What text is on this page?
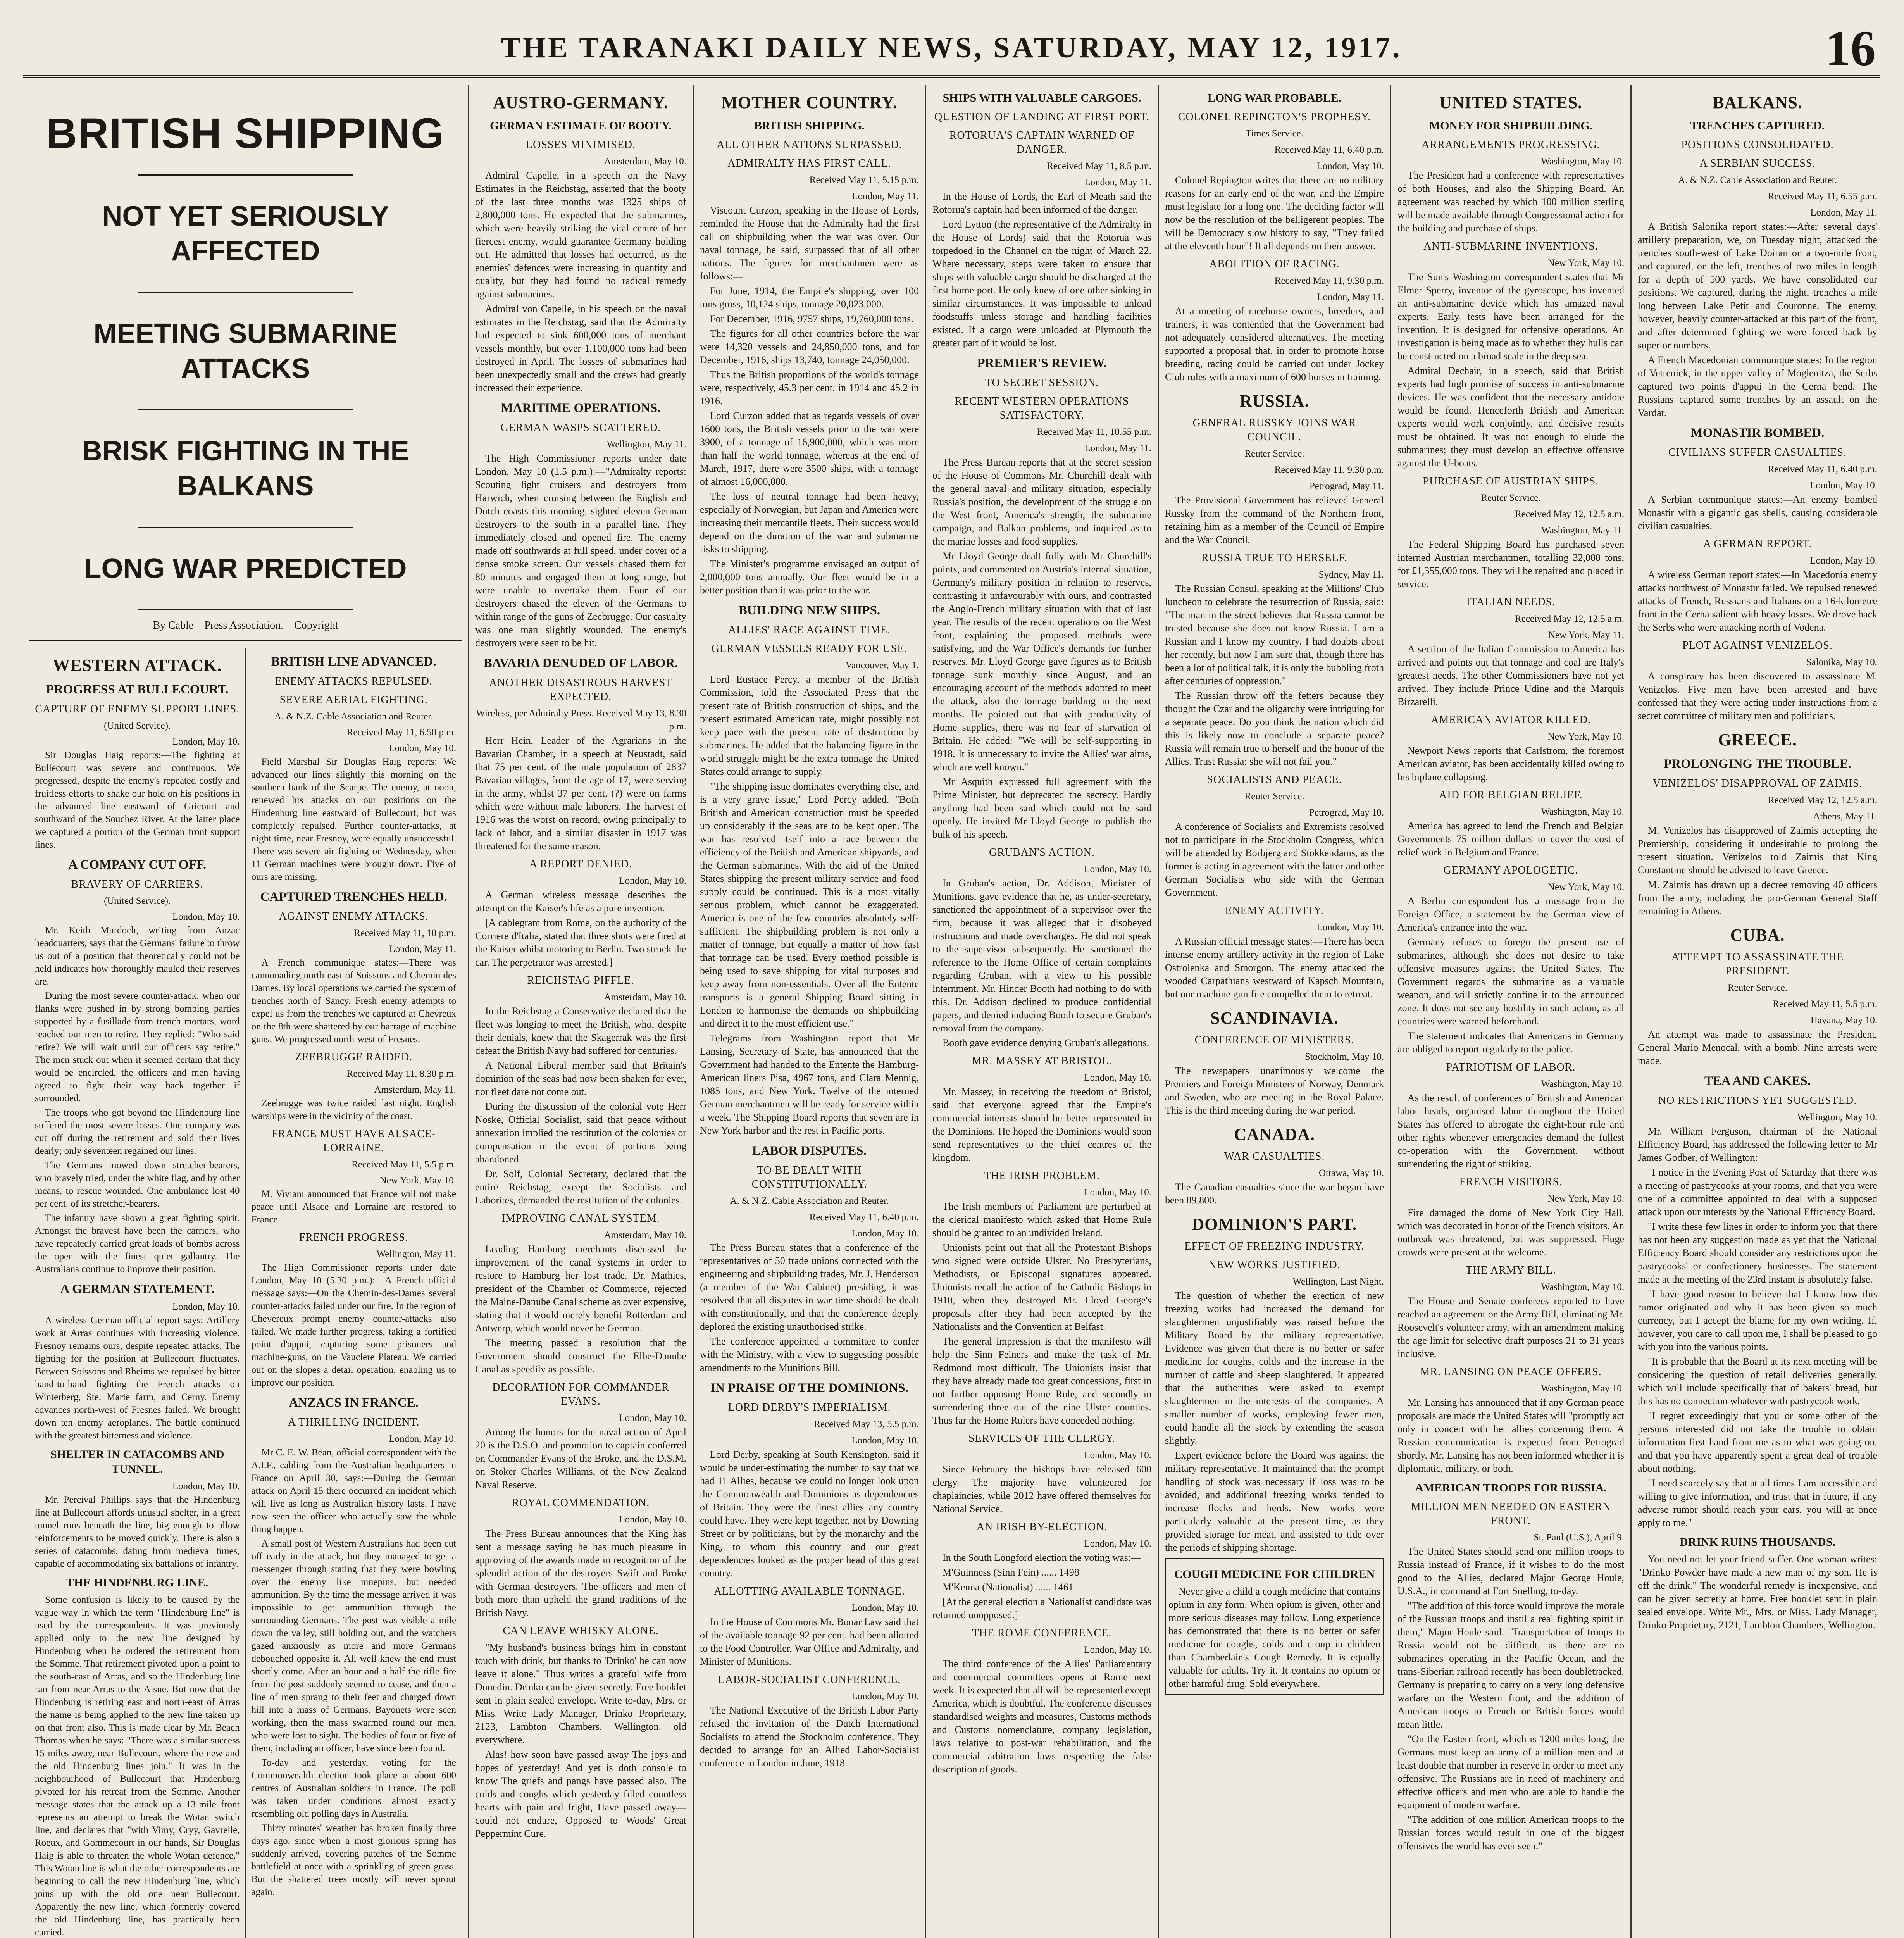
THE TARANAKI DAILY NEWS, SATURDAY, MAY 12, 1917.	16
BRITISH SHIPPING
NOT YET SERIOUSLY AFFECTED
MEETING SUBMARINE ATTACKS
BRISK FIGHTING IN THE BALKANS
LONG WAR PREDICTED
By Cable—Press Association.—Copyright
WESTERN ATTACK.
PROGRESS AT BULLECOURT.
CAPTURE OF ENEMY SUPPORT LINES.
(United Service).
London, May 10.

Sir Douglas Haig reports:—The fighting at Bullecourt was severe and continuous. We progressed, despite the enemy's repeated costly and fruitless efforts to shake our hold on his positions in the advanced line eastward of Gricourt and southward of the Souchez River. At the latter place we captured a portion of the German front support lines.

A COMPANY CUT OFF.
BRAVERY OF CARRIERS.
(United Service).
London, May 10.

Mr. Keith Murdoch, writing from Anzac headquarters, says that the Germans' failure to throw us out of a position that theoretically could not be held indicates how thoroughly mauled their reserves are.

During the most severe counter-attack, when our flanks were pushed in by strong bombing parties supported by a fusillade from trench mortars, word reached our men to retire. They replied: "Who said retire? We will wait until our officers say retire." The men stuck out when it seemed certain that they would be encircled, the officers and men having agreed to fight their way back together if surrounded.

The troops who got beyond the Hindenburg line suffered the most severe losses. One company was cut off during the retirement and sold their lives dearly; only seventeen regained our lines.

The Germans mowed down stretcher-bearers, who bravely tried, under the white flag, and by other means, to rescue wounded. One ambulance lost 40 per cent. of its stretcher-bearers.

The infantry have shown a great fighting spirit. Amongst the bravest have been the carriers, who have repeatedly carried great loads of bombs across the open with the finest quiet gallantry. The Australians continue to improve their position.

A GERMAN STATEMENT.
London, May 10.

A wireless German official report says: Artillery work at Arras continues with increasing violence. Fresnoy remains ours, despite repeated attacks. The fighting for the position at Bullecourt fluctuates. Between Soissons and Rheims we repulsed by bitter hand-to-hand fighting the French attacks on Winterberg, Ste. Marie farm, and Cerny. Enemy advances north-west of Fresnes failed. We brought down ten enemy aeroplanes. The battle continued with the greatest bitterness and violence.

SHELTER IN CATACOMBS AND TUNNEL.
London, May 10.

Mr. Percival Phillips says that the Hindenburg line at Bullecourt affords unusual shelter, in a great tunnel runs beneath the line, big enough to allow reinforcements to be moved quickly. There is also a series of catacombs, dating from medieval times, capable of accommodating six battalions of infantry.

THE HINDENBURG LINE.

Some confusion is likely to be caused by the vague way in which the term "Hindenburg line" is used by the correspondents. It was previously applied only to the new line designed by Hindenburg when he ordered the retirement from the Somme. That retirement pivoted upon a point to the south-east of Arras, and so the Hindenburg line ran from near Arras to the Aisne. But now that the Hindenburg is retiring east and north-east of Arras the name is being applied to the new line taken up on that front also. This is made clear by Mr. Beach Thomas when he says: "There was a similar success 15 miles away, near Bullecourt, where the new and the old Hindenburg lines join." It was in the neighbourhood of Bullecourt that Hindenburg pivoted for his retreat from the Somme. Another message states that the attack up a 13-mile front represents an attempt to break the Wotan switch line, and declares that "with Vimy, Cryy, Gavrelle, Roeux, and Gommecourt in our hands, Sir Douglas Haig is able to threaten the whole Wotan defence." This Wotan line is what the other correspondents are beginning to call the new Hindenburg line, which joins up with the old one near Bullecourt. Apparently the new line, which formerly covered the old Hindenburg line, has practically been carried.

BRITISH LINE ADVANCED.
ENEMY ATTACKS REPULSED.
SEVERE AERIAL FIGHTING.
A. & N.Z. Cable Association and Reuter.
Received May 11, 6.50 p.m.
London, May 10.

Field Marshal Sir Douglas Haig reports: We advanced our lines slightly this morning on the southern bank of the Scarpe. The enemy, at noon, renewed his attacks on our positions on the Hindenburg line eastward of Bullecourt, but was completely repulsed. Further counter-attacks, at night time, near Fresnoy, were equally unsuccessful. There was severe air fighting on Wednesday, when 11 German machines were brought down. Five of ours are missing.

CAPTURED TRENCHES HELD.
AGAINST ENEMY ATTACKS.
Received May 11, 10 p.m.
London, May 11.

A French communique states:—There was cannonading north-east of Soissons and Chemin des Dames. By local operations we carried the system of trenches north of Sancy. Fresh enemy attempts to expel us from the trenches we captured at Chevreux on the 8th were shattered by our barrage of machine guns. We progressed north-west of Fresnes.

ZEEBRUGGE RAIDED.
Received May 11, 8.30 p.m.
Amsterdam, May 11.

Zeebrugge was twice raided last night. English warships were in the vicinity of the coast.

FRANCE MUST HAVE ALSACE-LORRAINE.
Received May 11, 5.5 p.m.
New York, May 10.

M. Viviani announced that France will not make peace until Alsace and Lorraine are restored to France.

FRENCH PROGRESS.
Wellington, May 11.

The High Commissioner reports under date London, May 10 (5.30 p.m.):—A French official message says:—On the Chemin-des-Dames several counter-attacks failed under our fire. In the region of Chevereux prompt enemy counter-attacks also failed. We made further progress, taking a fortified point d'appui, capturing some prisoners and machine-guns, on the Vauclere Plateau. We carried out on the slopes a detail operation, enabling us to improve our position.

ANZACS IN FRANCE.
A THRILLING INCIDENT.
London, May 10.

Mr C. E. W. Bean, official correspondent with the A.I.F., cabling from the Australian headquarters in France on April 30, says:—During the German attack on April 15 there occurred an incident which will live as long as Australian history lasts. I have now seen the officer who actually saw the whole thing happen.

A small post of Western Australians had been cut off early in the attack, but they managed to get a messenger through stating that they were bowling over the enemy like ninepins, but needed ammunition. By the time the message arrived it was impossible to get ammunition through the surrounding Germans. The post was visible a mile down the valley, still holding out, and the watchers gazed anxiously as more and more Germans debouched opposite it. All well knew the end must shortly come. After an hour and a-half the rifle fire from the post suddenly seemed to cease, and then a line of men sprang to their feet and charged down hill into a mass of Germans. Bayonets were seen working, then the mass swarmed round our men, who were lost to sight. The bodies of four or five of them, including an officer, have since been found.

To-day and yesterday, voting for the Commonwealth election took place at about 600 centres of Australian soldiers in France. The poll was taken under conditions almost exactly resembling old polling days in Australia.

Thirty minutes' weather has broken finally three days ago, since when a most glorious spring has suddenly arrived, covering patches of the Somme battlefield at once with a sprinkling of green grass. But the shattered trees mostly will never sprout again.

AUSTRO-GERMANY.
GERMAN ESTIMATE OF BOOTY.
LOSSES MINIMISED.
Amsterdam, May 10.

Admiral Capelle, in a speech on the Navy Estimates in the Reichstag, asserted that the booty of the last three months was 1325 ships of 2,800,000 tons. He expected that the submarines, which were heavily striking the vital centre of her fiercest enemy, would guarantee Germany holding out. He admitted that losses had occurred, as the enemies' defences were increasing in quantity and quality, but they had found no radical remedy against submarines.

Admiral von Capelle, in his speech on the naval estimates in the Reichstag, said that the Admiralty had expected to sink 600,000 tons of merchant vessels monthly, but over 1,100,000 tons had been destroyed in April. The losses of submarines had been unexpectedly small and the crews had greatly increased their experience.

MARITIME OPERATIONS.
GERMAN WASPS SCATTERED.
Wellington, May 11.

The High Commissioner reports under date London, May 10 (1.5 p.m.):—"Admiralty reports: Scouting light cruisers and destroyers from Harwich, when cruising between the English and Dutch coasts this morning, sighted eleven German destroyers to the south in a parallel line. They immediately closed and opened fire. The enemy made off southwards at full speed, under cover of a dense smoke screen. Our vessels chased them for 80 minutes and engaged them at long range, but were unable to overtake them. Four of our destroyers chased the eleven of the Germans to within range of the guns of Zeebrugge. Our casualty was one man slightly wounded. The enemy's destroyers were seen to be hit.

BAVARIA DENUDED OF LABOR.
ANOTHER DISASTROUS HARVEST EXPECTED.
Wireless, per Admiralty Press. Received May 13, 8.30 p.m.

Herr Hein, Leader of the Agrarians in the Bavarian Chamber, in a speech at Neustadt, said that 75 per cent. of the male population of 2837 Bavarian villages, from the age of 17, were serving in the army, whilst 37 per cent. (?) were on farms which were without male laborers. The harvest of 1916 was the worst on record, owing principally to lack of labor, and a similar disaster in 1917 was threatened for the same reason.

A REPORT DENIED.
London, May 10.

A German wireless message describes the attempt on the Kaiser's life as a pure invention.

[A cablegram from Rome, on the authority of the Corriere d'Italia, stated that three shots were fired at the Kaiser whilst motoring to Berlin. Two struck the car. The perpetrator was arrested.]

REICHSTAG PIFFLE.
Amsterdam, May 10.

In the Reichstag a Conservative declared that the fleet was longing to meet the British, who, despite their denials, knew that the Skagerrak was the first defeat the British Navy had suffered for centuries.

A National Liberal member said that Britain's dominion of the seas had now been shaken for ever, nor fleet dare not come out.

During the discussion of the colonial vote Herr Noske, Official Socialist, said that peace without annexation implied the restitution of the colonies or compensation in the event of portions being abandoned.

Dr. Solf, Colonial Secretary, declared that the entire Reichstag, except the Socialists and Laborites, demanded the restitution of the colonies.

IMPROVING CANAL SYSTEM.
Amsterdam, May 10.

Leading Hamburg merchants discussed the improvement of the canal systems in order to restore to Hamburg her lost trade. Dr. Mathies, president of the Chamber of Commerce, rejected the Maine-Danube Canal scheme as over expensive, stating that it would merely benefit Rotterdam and Antwerp, which would never be German.

The meeting passed a resolution that the Government should construct the Elbe-Danube Canal as speedily as possible.

DECORATION FOR COMMANDER EVANS.
London, May 10.

Among the honors for the naval action of April 20 is the D.S.O. and promotion to captain conferred on Commander Evans of the Broke, and the D.S.M. on Stoker Charles Williams, of the New Zealand Naval Reserve.

ROYAL COMMENDATION.
London, May 10.

The Press Bureau announces that the King has sent a message saying he has much pleasure in approving of the awards made in recognition of the splendid action of the destroyers Swift and Broke with German destroyers. The officers and men of both more than upheld the grand traditions of the British Navy.

CAN LEAVE WHISKY ALONE.

"My husband's business brings him in constant touch with drink, but thanks to 'Drinko' he can now leave it alone." Thus writes a grateful wife from Dunedin. Drinko can be given secretly. Free booklet sent in plain sealed envelope. Write to-day, Mrs. or Miss. Write Lady Manager, Drinko Proprietary, 2123, Lambton Chambers, Wellington. old everywhere.

Alas! how soon have passed away The joys and hopes of yesterday! And yet is doth console to know The griefs and pangs have passed also. The colds and coughs which yesterday filled countless hearts with pain and fright, Have passed away—could not endure, Opposed to Woods' Great Peppermint Cure.

MOTHER COUNTRY.
BRITISH SHIPPING.
ALL OTHER NATIONS SURPASSED.
ADMIRALTY HAS FIRST CALL.
Received May 11, 5.15 p.m.
London, May 11.

Viscount Curzon, speaking in the House of Lords, reminded the House that the Admiralty had the first call on shipbuilding when the war was over. Our naval tonnage, he said, surpassed that of all other nations. The figures for merchantmen were as follows:—

For June, 1914, the Empire's shipping, over 100 tons gross, 10,124 ships, tonnage 20,023,000.

For December, 1916, 9757 ships, 19,760,000 tons.

The figures for all other countries before the war were 14,320 vessels and 24,850,000 tons, and for December, 1916, ships 13,740, tonnage 24,050,000.

Thus the British proportions of the world's tonnage were, respectively, 45.3 per cent. in 1914 and 45.2 in 1916.

Lord Curzon added that as regards vessels of over 1600 tons, the British vessels prior to the war were 3900, of a tonnage of 16,900,000, which was more than half the world tonnage, whereas at the end of March, 1917, there were 3500 ships, with a tonnage of almost 16,000,000.

The loss of neutral tonnage had been heavy, especially of Norwegian, but Japan and America were increasing their mercantile fleets. Their success would depend on the duration of the war and submarine risks to shipping.

The Minister's programme envisaged an output of 2,000,000 tons annually. Our fleet would be in a better position than it was prior to the war.

BUILDING NEW SHIPS.
ALLIES' RACE AGAINST TIME.
GERMAN VESSELS READY FOR USE.
Vancouver, May 1.

Lord Eustace Percy, a member of the British Commission, told the Associated Press that the present rate of British construction of ships, and the present estimated American rate, might possibly not keep pace with the present rate of destruction by submarines. He added that the balancing figure in the world struggle might be the extra tonnage the United States could arrange to supply.

"The shipping issue dominates everything else, and is a very grave issue," Lord Percy added. "Both British and American construction must be speeded up considerably if the seas are to be kept open. The war has resolved itself into a race between the efficiency of the British and American shipyards, and the German submarines. With the aid of the United States shipping the present military service and food supply could be continued. This is a most vitally serious problem, which cannot be exaggerated. America is one of the few countries absolutely self-sufficient. The shipbuilding problem is not only a matter of tonnage, but equally a matter of how fast that tonnage can be used. Every method possible is being used to save shipping for vital purposes and keep away from non-essentials. Over all the Entente transports is a general Shipping Board sitting in London to harmonise the demands on shipbuilding and direct it to the most efficient use."

Telegrams from Washington report that Mr Lansing, Secretary of State, has announced that the Government had handed to the Entente the Hamburg-American liners Pisa, 4967 tons, and Clara Mennig, 1085 tons, and New York. Twelve of the interned German merchantmen will be ready for service within a week. The Shipping Board reports that seven are in New York harbor and the rest in Pacific ports.

LABOR DISPUTES.
TO BE DEALT WITH CONSTITUTIONALLY.
A. & N.Z. Cable Association and Reuter.
Received May 11, 6.40 p.m.
London, May 10.

The Press Bureau states that a conference of the representatives of 50 trade unions connected with the engineering and shipbuilding trades, Mr. J. Henderson (a member of the War Cabinet) presiding, it was resolved that all disputes in war time should be dealt with constitutionally, and that the conference deeply deplored the existing unauthorised strike.

The conference appointed a committee to confer with the Ministry, with a view to suggesting possible amendments to the Munitions Bill.

IN PRAISE OF THE DOMINIONS.
LORD DERBY'S IMPERIALISM.
Received May 13, 5.5 p.m.
London, May 10.

Lord Derby, speaking at South Kensington, said it would be under-estimating the number to say that we had 11 Allies, because we could no longer look upon the Commonwealth and Dominions as dependencies of Britain. They were the finest allies any country could have. They were kept together, not by Downing Street or by politicians, but by the monarchy and the King, to whom this country and our great dependencies looked as the proper head of this great country.

ALLOTTING AVAILABLE TONNAGE.
London, May 10.

In the House of Commons Mr. Bonar Law said that of the available tonnage 92 per cent. had been allotted to the Food Controller, War Office and Admiralty, and Minister of Munitions.

LABOR-SOCIALIST CONFERENCE.
London, May 10.

The National Executive of the British Labor Party refused the invitation of the Dutch International Socialists to attend the Stockholm conference. They decided to arrange for an Allied Labor-Socialist conference in London in June, 1918.

SHIPS WITH VALUABLE CARGOES.
QUESTION OF LANDING AT FIRST PORT.
ROTORUA'S CAPTAIN WARNED OF DANGER.
Received May 11, 8.5 p.m.
London, May 11.

In the House of Lords, the Earl of Meath said the Rotorua's captain had been informed of the danger.

Lord Lytton (the representative of the Admiralty in the House of Lords) said that the Rotorua was torpedoed in the Channel on the night of March 22. Where necessary, steps were taken to ensure that ships with valuable cargo should be discharged at the first home port. He only knew of one other sinking in similar circumstances. It was impossible to unload foodstuffs unless storage and handling facilities existed. If a cargo were unloaded at Plymouth the greater part of it would be lost.

PREMIER'S REVIEW.
TO SECRET SESSION.
RECENT WESTERN OPERATIONS SATISFACTORY.
Received May 11, 10.55 p.m.
London, May 11.

The Press Bureau reports that at the secret session of the House of Commons Mr. Churchill dealt with the general naval and military situation, especially Russia's position, the development of the struggle on the West front, America's strength, the submarine campaign, and Balkan problems, and inquired as to the marine losses and food supplies.

Mr Lloyd George dealt fully with Mr Churchill's points, and commented on Austria's internal situation, Germany's military position in relation to reserves, contrasting it unfavourably with ours, and contrasted the Anglo-French military situation with that of last year. The results of the recent operations on the West front, explaining the proposed methods were satisfying, and the War Office's demands for further reserves. Mr. Lloyd George gave figures as to British tonnage sunk monthly since August, and an encouraging account of the methods adopted to meet the attack, also the tonnage building in the next months. He pointed out that with productivity of Home supplies, there was no fear of starvation of Britain. He added: "We will be self-supporting in 1918. It is unnecessary to invite the Allies' war aims, which are well known."

Mr Asquith expressed full agreement with the Prime Minister, but deprecated the secrecy. Hardly anything had been said which could not be said openly. He invited Mr Lloyd George to publish the bulk of his speech.

GRUBAN'S ACTION.
London, May 10.

In Gruban's action, Dr. Addison, Minister of Munitions, gave evidence that he, as under-secretary, sanctioned the appointment of a supervisor over the firm, because it was alleged that it disobeyed instructions and made overcharges. He did not speak to the supervisor subsequently. He sanctioned the reference to the Home Office of certain complaints regarding Gruban, with a view to his possible internment. Mr. Hinder Booth had nothing to do with this. Dr. Addison declined to produce confidential papers, and denied inducing Booth to secure Gruban's removal from the company.

Booth gave evidence denying Gruban's allegations.

MR. MASSEY AT BRISTOL.
London, May 10.

Mr. Massey, in receiving the freedom of Bristol, said that everyone agreed that the Empire's commercial interests should be better represented in the Dominions. He hoped the Dominions would soon send representatives to the chief centres of the kingdom.

THE IRISH PROBLEM.
London, May 10.

The Irish members of Parliament are perturbed at the clerical manifesto which asked that Home Rule should be granted to an undivided Ireland.

Unionists point out that all the Protestant Bishops who signed were outside Ulster. No Presbyterians, Methodists, or Episcopal signatures appeared. Unionists recall the action of the Catholic Bishops in 1910, when they destroyed Mr. Lloyd George's proposals after they had been accepted by the Nationalists and the Convention at Belfast.

The general impression is that the manifesto will help the Sinn Feiners and make the task of Mr. Redmond most difficult. The Unionists insist that they have already made too great concessions, first in not further opposing Home Rule, and secondly in surrendering three out of the nine Ulster counties. Thus far the Home Rulers have conceded nothing.

SERVICES OF THE CLERGY.
London, May 10.

Since February the bishops have released 600 clergy. The majority have volunteered for chaplaincies, while 2012 have offered themselves for National Service.

AN IRISH BY-ELECTION.
London, May 10.

In the South Longford election the voting was:—

M'Guinness (Sinn Fein) ...... 1498

M'Kenna (Nationalist) ...... 1461

[At the general election a Nationalist candidate was returned unopposed.]

THE ROME CONFERENCE.
London, May 10.

The third conference of the Allies' Parliamentary and commercial committees opens at Rome next week. It is expected that all will be represented except America, which is doubtful. The conference discusses standardised weights and measures, Customs methods and Customs nomenclature, company legislation, laws relative to post-war rehabilitation, and the commercial arbitration laws respecting the false description of goods.

LONG WAR PROBABLE.
COLONEL REPINGTON'S PROPHESY.
Times Service.
Received May 11, 6.40 p.m.
London, May 10.

Colonel Repington writes that there are no military reasons for an early end of the war, and the Empire must legislate for a long one. The deciding factor will now be the resolution of the belligerent peoples. The will be Democracy slow history to say, "They failed at the eleventh hour"! It all depends on their answer.

ABOLITION OF RACING.
Received May 11, 9.30 p.m.
London, May 11.

At a meeting of racehorse owners, breeders, and trainers, it was contended that the Government had not adequately considered alternatives. The meeting supported a proposal that, in order to promote horse breeding, racing could be carried out under Jockey Club rules with a maximum of 600 horses in training.

RUSSIA.
GENERAL RUSSKY JOINS WAR COUNCIL.
Reuter Service.
Received May 11, 9.30 p.m.
Petrograd, May 11.

The Provisional Government has relieved General Russky from the command of the Northern front, retaining him as a member of the Council of Empire and the War Council.

RUSSIA TRUE TO HERSELF.
Sydney, May 11.

The Russian Consul, speaking at the Millions' Club luncheon to celebrate the resurrection of Russia, said: "The man in the street believes that Russia cannot be trusted because she does not know Russia. I am a Russian and I know my country. I had doubts about her recently, but now I am sure that, though there has been a lot of political talk, it is only the bubbling froth after centuries of oppression."

The Russian throw off the fetters because they thought the Czar and the oligarchy were intriguing for a separate peace. Do you think the nation which did this is likely now to conclude a separate peace? Russia will remain true to herself and the honor of the Allies. Trust Russia; she will not fail you."

SOCIALISTS AND PEACE.
Reuter Service.
Petrograd, May 10.

A conference of Socialists and Extremists resolved not to participate in the Stockholm Congress, which will be attended by Borbjerg and Stokkendams, as the former is acting in agreement with the latter and other German Socialists who side with the German Government.

ENEMY ACTIVITY.
London, May 10.

A Russian official message states:—There has been intense enemy artillery activity in the region of Lake Ostrolenka and Smorgon. The enemy attacked the wooded Carpathians westward of Kapsch Mountain, but our machine gun fire compelled them to retreat.

SCANDINAVIA.
CONFERENCE OF MINISTERS.
Stockholm, May 10.

The newspapers unanimously welcome the Premiers and Foreign Ministers of Norway, Denmark and Sweden, who are meeting in the Royal Palace. This is the third meeting during the war period.

CANADA.
WAR CASUALTIES.
Ottawa, May 10.

The Canadian casualties since the war began have been 89,800.

DOMINION'S PART.
EFFECT OF FREEZING INDUSTRY.
NEW WORKS JUSTIFIED.
Wellington, Last Night.

The question of whether the erection of new freezing works had increased the demand for slaughtermen unjustifiably was raised before the Military Board by the military representative. Evidence was given that there is no better or safer medicine for coughs, colds and the increase in the number of cattle and sheep slaughtered. It appeared that the authorities were asked to exempt slaughtermen in the interests of the companies. A smaller number of works, employing fewer men, could handle all the stock by extending the season slightly.

Expert evidence before the Board was against the military representative. It maintained that the prompt handling of stock was necessary if loss was to be avoided, and additional freezing works tended to increase flocks and herds. New works were particularly valuable at the present time, as they provided storage for meat, and assisted to tide over the periods of shipping shortage.

COUGH MEDICINE FOR CHILDREN

Never give a child a cough medicine that contains opium in any form. When opium is given, other and more serious diseases may follow. Long experience has demonstrated that there is no better or safer medicine for coughs, colds and croup in children than Chamberlain's Cough Remedy. It is equally valuable for adults. Try it. It contains no opium or other harmful drug. Sold everywhere.

UNITED STATES.
MONEY FOR SHIPBUILDING.
ARRANGEMENTS PROGRESSING.
Washington, May 10.

The President had a conference with representatives of both Houses, and also the Shipping Board. An agreement was reached by which 100 million sterling will be made available through Congressional action for the building and purchase of ships.

ANTI-SUBMARINE INVENTIONS.
New York, May 10.

The Sun's Washington correspondent states that Mr Elmer Sperry, inventor of the gyroscope, has invented an anti-submarine device which has amazed naval experts. Early tests have been arranged for the invention. It is designed for offensive operations. An investigation is being made as to whether they hulls can be constructed on a broad scale in the deep sea.

Admiral Dechair, in a speech, said that British experts had high promise of success in anti-submarine devices. He was confident that the necessary antidote would be found. Henceforth British and American experts would work conjointly, and decisive results must be obtained. It was not enough to elude the submarines; they must develop an effective offensive against the U-boats.

PURCHASE OF AUSTRIAN SHIPS.
Reuter Service.
Received May 12, 12.5 a.m.
Washington, May 11.

The Federal Shipping Board has purchased seven interned Austrian merchantmen, totalling 32,000 tons, for £1,355,000 tons. They will be repaired and placed in service.

ITALIAN NEEDS.
Received May 12, 12.5 a.m.
New York, May 11.

A section of the Italian Commission to America has arrived and points out that tonnage and coal are Italy's greatest needs. The other Commissioners have not yet arrived. They include Prince Udine and the Marquis Birzarelli.

AMERICAN AVIATOR KILLED.
New York, May 10.

Newport News reports that Carlstrom, the foremost American aviator, has been accidentally killed owing to his biplane collapsing.

AID FOR BELGIAN RELIEF.
Washington, May 10.

America has agreed to lend the French and Belgian Governments 75 million dollars to cover the cost of relief work in Belgium and France.

GERMANY APOLOGETIC.
New York, May 10.

A Berlin correspondent has a message from the Foreign Office, a statement by the German view of America's entrance into the war.

Germany refuses to forego the present use of submarines, although she does not desire to take offensive measures against the United States. The Government regards the submarine as a valuable weapon, and will strictly confine it to the announced zone. It does not see any hostility in such action, as all countries were warned beforehand.

The statement indicates that Americans in Germany are obliged to report regularly to the police.

PATRIOTISM OF LABOR.
Washington, May 10.

As the result of conferences of British and American labor heads, organised labor throughout the United States has offered to abrogate the eight-hour rule and other rights whenever emergencies demand the fullest co-operation with the Government, without surrendering the right of striking.

FRENCH VISITORS.
New York, May 10.

Fire damaged the dome of New York City Hall, which was decorated in honor of the French visitors. An outbreak was threatened, but was suppressed. Huge crowds were present at the welcome.

THE ARMY BILL.
Washington, May 10.

The House and Senate conferees reported to have reached an agreement on the Army Bill, eliminating Mr. Roosevelt's volunteer army, with an amendment making the age limit for selective draft purposes 21 to 31 years inclusive.

MR. LANSING ON PEACE OFFERS.
Washington, May 10.

Mr. Lansing has announced that if any German peace proposals are made the United States will "promptly act only in concert with her allies concerning them. A Russian communication is expected from Petrograd shortly. Mr. Lansing has not been informed whether it is diplomatic, military, or both.

AMERICAN TROOPS FOR RUSSIA.
MILLION MEN NEEDED ON EASTERN FRONT.
St. Paul (U.S.), April 9.

The United States should send one million troops to Russia instead of France, if it wishes to do the most good to the Allies, declared Major George Houle, U.S.A., in command at Fort Snelling, to-day.

"The addition of this force would improve the morale of the Russian troops and instil a real fighting spirit in them," Major Houle said. "Transportation of troops to Russia would not be difficult, as there are no submarines operating in the Pacific Ocean, and the trans-Siberian railroad recently has been doubletracked. Germany is preparing to carry on a very long defensive warfare on the Western front, and the addition of American troops to French or British forces would mean little.

"On the Eastern front, which is 1200 miles long, the Germans must keep an army of a million men and at least double that number in reserve in order to meet any offensive. The Russians are in need of machinery and effective officers and men who are able to handle the equipment of modern warfare.

"The addition of one million American troops to the Russian forces would result in one of the biggest offensives the world has ever seen."

BALKANS.
TRENCHES CAPTURED.
POSITIONS CONSOLIDATED.
A SERBIAN SUCCESS.
A. & N.Z. Cable Association and Reuter.
Received May 11, 6.55 p.m.
London, May 11.

A British Salonika report states:—After several days' artillery preparation, we, on Tuesday night, attacked the trenches south-west of Lake Doiran on a two-mile front, and captured, on the left, trenches of two miles in length for a depth of 500 yards. We have consolidated our positions. We captured, during the night, trenches a mile long between Lake Petit and Couronne. The enemy, however, heavily counter-attacked at this part of the front, and after determined fighting we were forced back by superior numbers.

A French Macedonian communique states: In the region of Vetrenick, in the upper valley of Moglenitza, the Serbs captured two points d'appui in the Cerna bend. The Russians captured some trenches by an assault on the Vardar.

MONASTIR BOMBED.
CIVILIANS SUFFER CASUALTIES.
Received May 11, 6.40 p.m.
London, May 10.

A Serbian communique states:—An enemy bombed Monastir with a gigantic gas shells, causing considerable civilian casualties.

A GERMAN REPORT.
London, May 10.

A wireless German report states:—In Macedonia enemy attacks northwest of Monastir failed. We repulsed renewed attacks of French, Russians and Italians on a 16-kilometre front in the Cerna salient with heavy losses. We drove back the Serbs who were attacking north of Vodena.

PLOT AGAINST VENIZELOS.
Salonika, May 10.

A conspiracy has been discovered to assassinate M. Venizelos. Five men have been arrested and have confessed that they were acting under instructions from a secret committee of military men and politicians.

GREECE.
PROLONGING THE TROUBLE.
VENIZELOS' DISAPPROVAL OF ZAIMIS.
Received May 12, 12.5 a.m.
Athens, May 11.

M. Venizelos has disapproved of Zaimis accepting the Premiership, considering it undesirable to prolong the present situation. Venizelos told Zaimis that King Constantine should be advised to leave Greece.

M. Zaimis has drawn up a decree removing 40 officers from the army, including the pro-German General Staff remaining in Athens.

CUBA.
ATTEMPT TO ASSASSINATE THE PRESIDENT.
Reuter Service.
Received May 11, 5.5 p.m.
Havana, May 10.

An attempt was made to assassinate the President, General Mario Menocal, with a bomb. Nine arrests were made.

TEA AND CAKES.
NO RESTRICTIONS YET SUGGESTED.
Wellington, May 10.

Mr. William Ferguson, chairman of the National Efficiency Board, has addressed the following letter to Mr James Godber, of Wellington:

"I notice in the Evening Post of Saturday that there was a meeting of pastrycooks at your rooms, and that you were one of a committee appointed to deal with a supposed attack upon our interests by the National Efficiency Board.

"I write these few lines in order to inform you that there has not been any suggestion made as yet that the National Efficiency Board should consider any restrictions upon the pastrycooks' or confectionery businesses. The statement made at the meeting of the 23rd instant is absolutely false.

"I have good reason to believe that I know how this rumor originated and why it has been given so much currency, but I accept the blame for my own writing. If, however, you care to call upon me, I shall be pleased to go with you into the various points.

"It is probable that the Board at its next meeting will be considering the question of retail deliveries generally, which will include specifically that of bakers' bread, but this has no connection whatever with pastrycook work.

"I regret exceedingly that you or some other of the persons interested did not take the trouble to obtain information first hand from me as to what was going on, and that you have apparently spent a great deal of trouble about nothing.

"I need scarcely say that at all times I am accessible and willing to give information, and trust that in future, if any adverse rumor should reach your ears, you will at once apply to me."

DRINK RUINS THOUSANDS.

You need not let your friend suffer. One woman writes: "Drinko Powder have made a new man of my son. He is off the drink." The wonderful remedy is inexpensive, and can be given secretly at home. Free booklet sent in plain sealed envelope. Write Mr., Mrs. or Miss. Lady Manager, Drinko Proprietary, 2121, Lambton Chambers, Wellington.
